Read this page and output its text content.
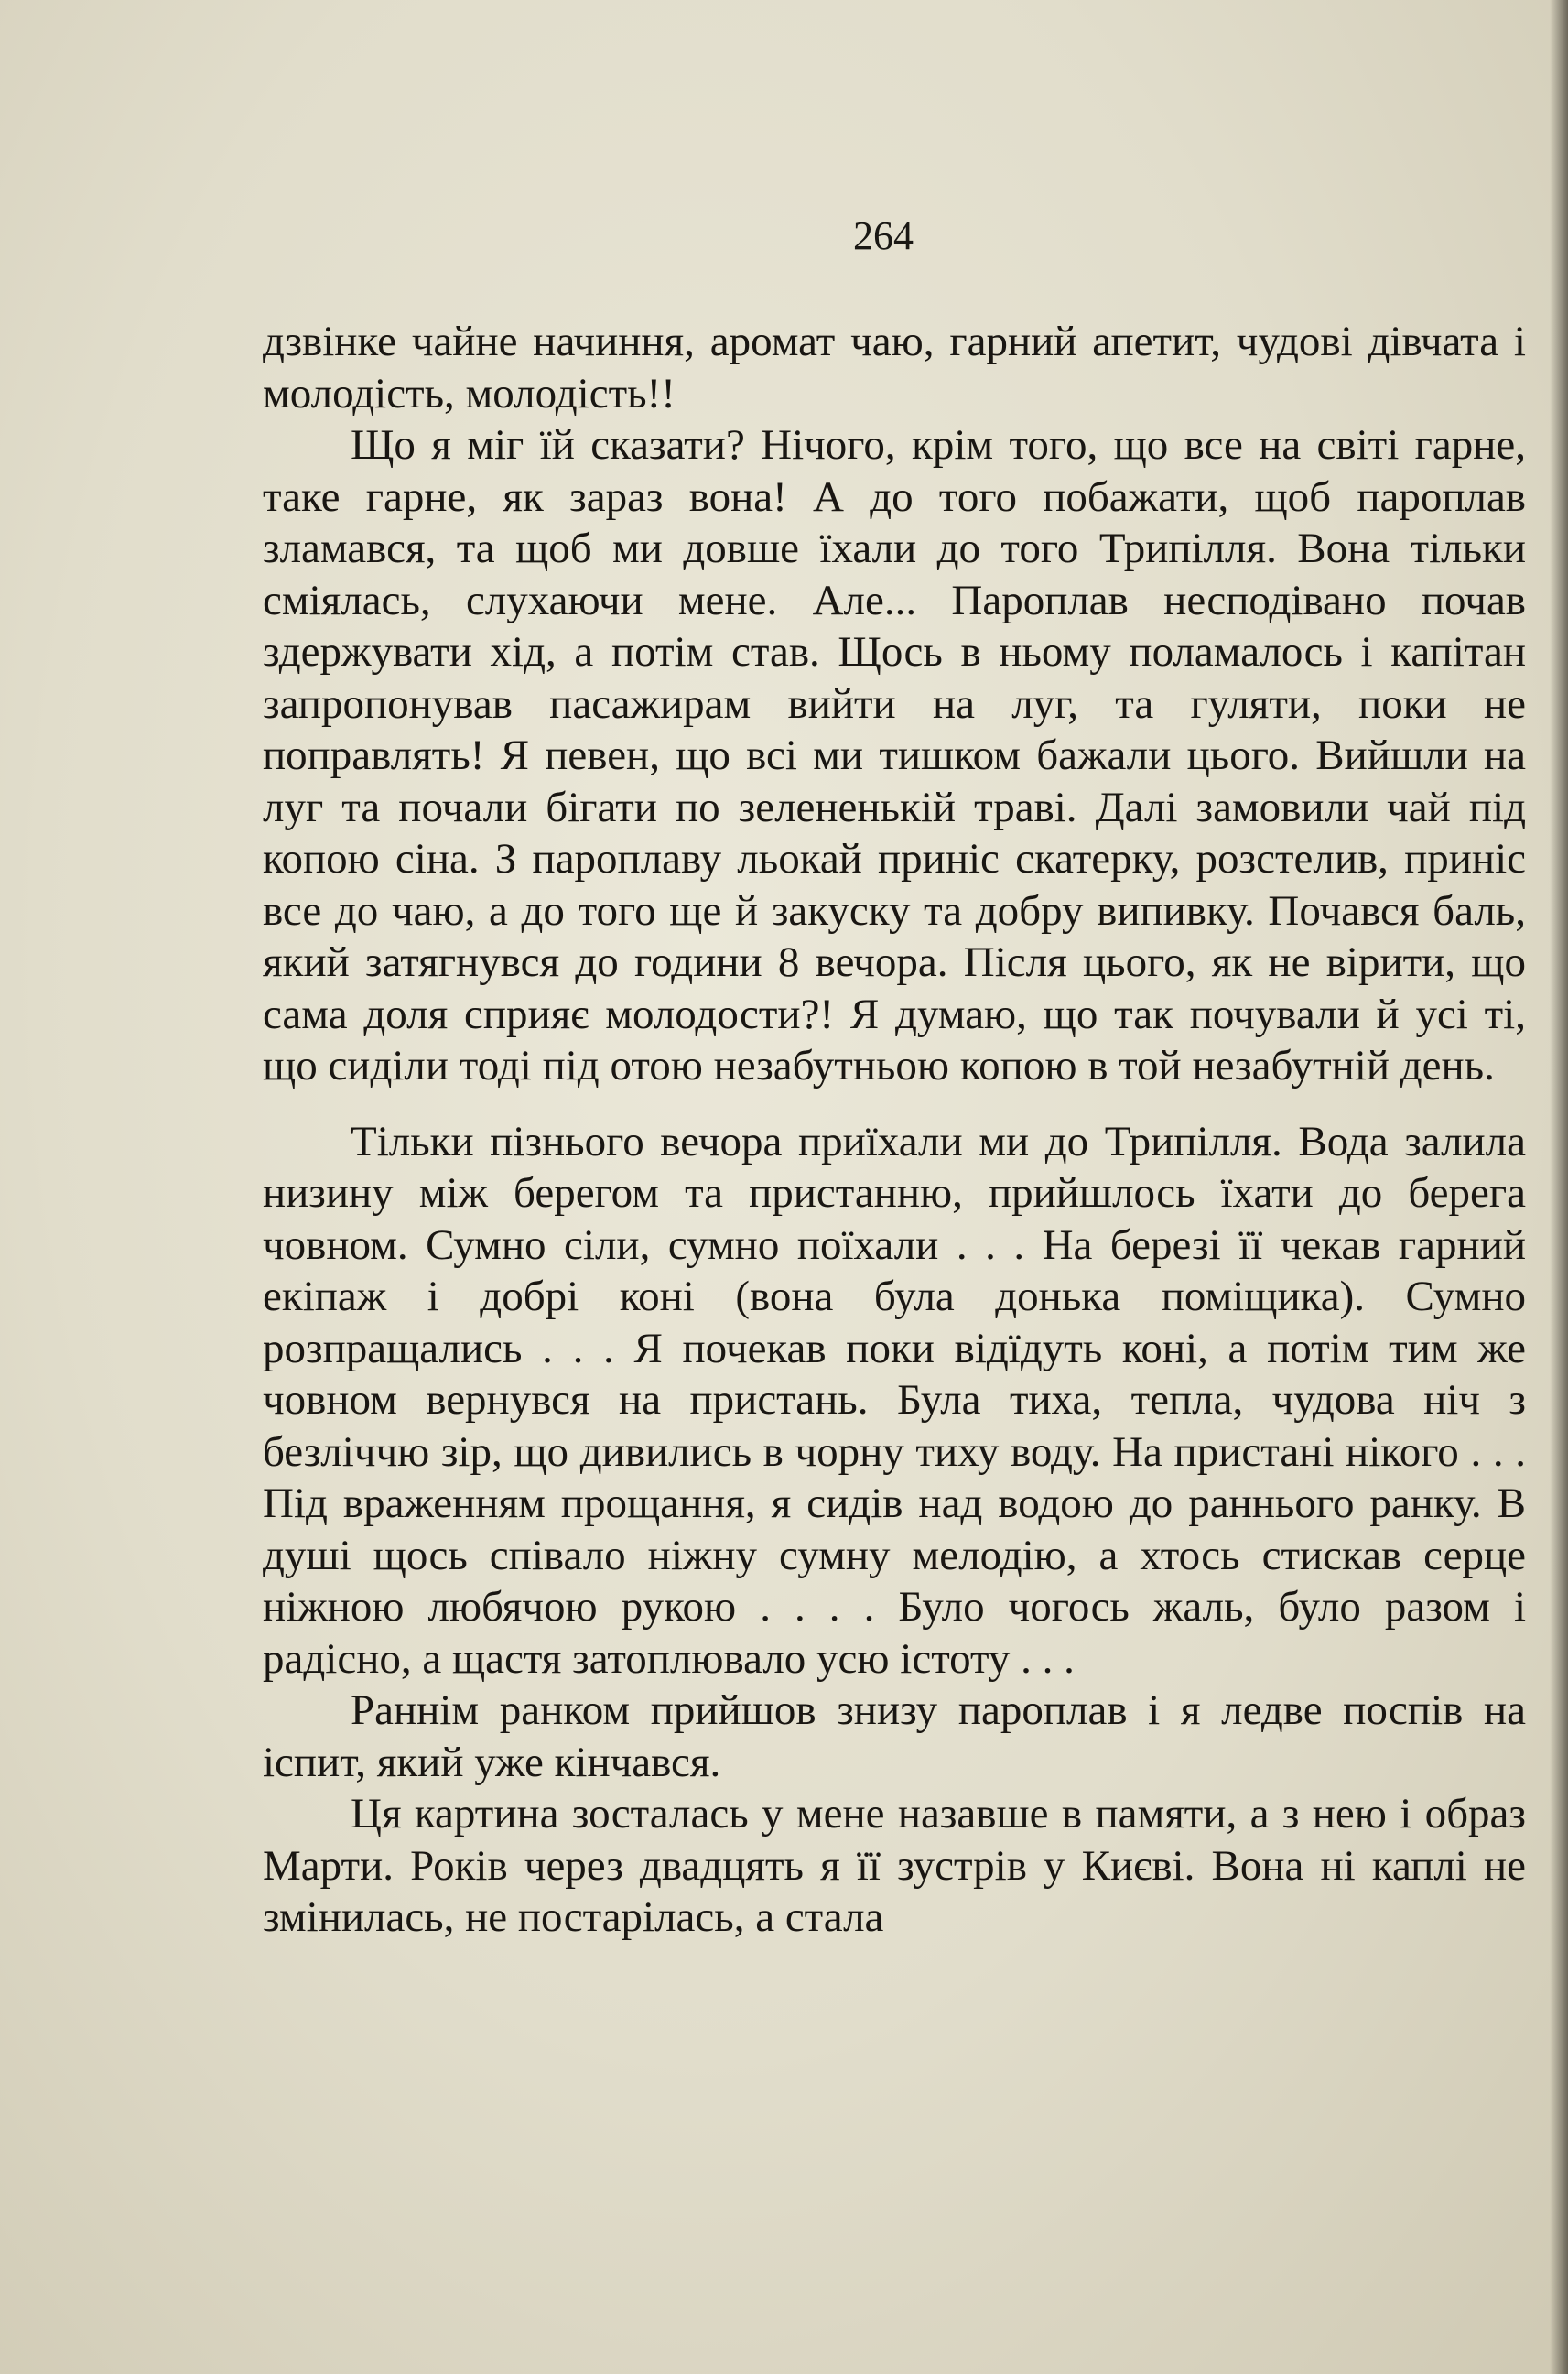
264

дзвінке чайне начиння, аромат чаю, гарний апетит, чудові дівчата і молодість, молодість!!

Що я міг їй сказати? Нічого, крім того, що все на світі гарне, таке гарне, як зараз вона! А до того побажати, щоб пароплав зламався, та щоб ми довше їхали до того Трипілля. Вона тільки сміялась, слухаючи мене. Але... Пароплав несподівано почав здержувати хід, а потім став. Щось в ньому поламалось і капітан запропонував пасажирам вийти на луг, та гуляти, поки не поправлять! Я певен, що всі ми тишком бажали цього. Вийшли на луг та почали бігати по зелененькій траві. Далі замовили чай під копою сіна. З пароплаву льокай приніс скатерку, розстелив, приніс все до чаю, а до того ще й закуску та добру випивку. Почався баль, який затягнувся до години 8 вечора. Після цього, як не вірити, що сама доля сприяє молодости?! Я думаю, що так почували й усі ті, що сиділи тоді під отою незабутньою копою в той незабутній день.

Тільки пізнього вечора приїхали ми до Трипілля. Вода залила низину між берегом та пристанню, прийшлось їхати до берега човном. Сумно сіли, сумно поїхали . . . На березі її чекав гарний екіпаж і добрі коні (вона була донька поміщика). Сумно розпращались . . . Я почекав поки відїдуть коні, а потім тим же човном вернувся на пристань. Була тиха, тепла, чудова ніч з безліччю зір, що дивились в чорну тиху воду. На пристані нікого . . . Під враженням прощання, я сидів над водою до раннього ранку. В душі щось співало ніжну сумну мелодію, а хтось стискав серце ніжною любячою рукою . . . . Було чогось жаль, було разом і радісно, а щастя затоплювало усю істоту . . .

Раннім ранком прийшов знизу пароплав і я ледве поспів на іспит, який уже кінчався.

Ця картина зосталась у мене назавше в памяти, а з нею і образ Марти. Років через двадцять я її зустрів у Києві. Вона ні каплі не змінилась, не постарілась, а стала
